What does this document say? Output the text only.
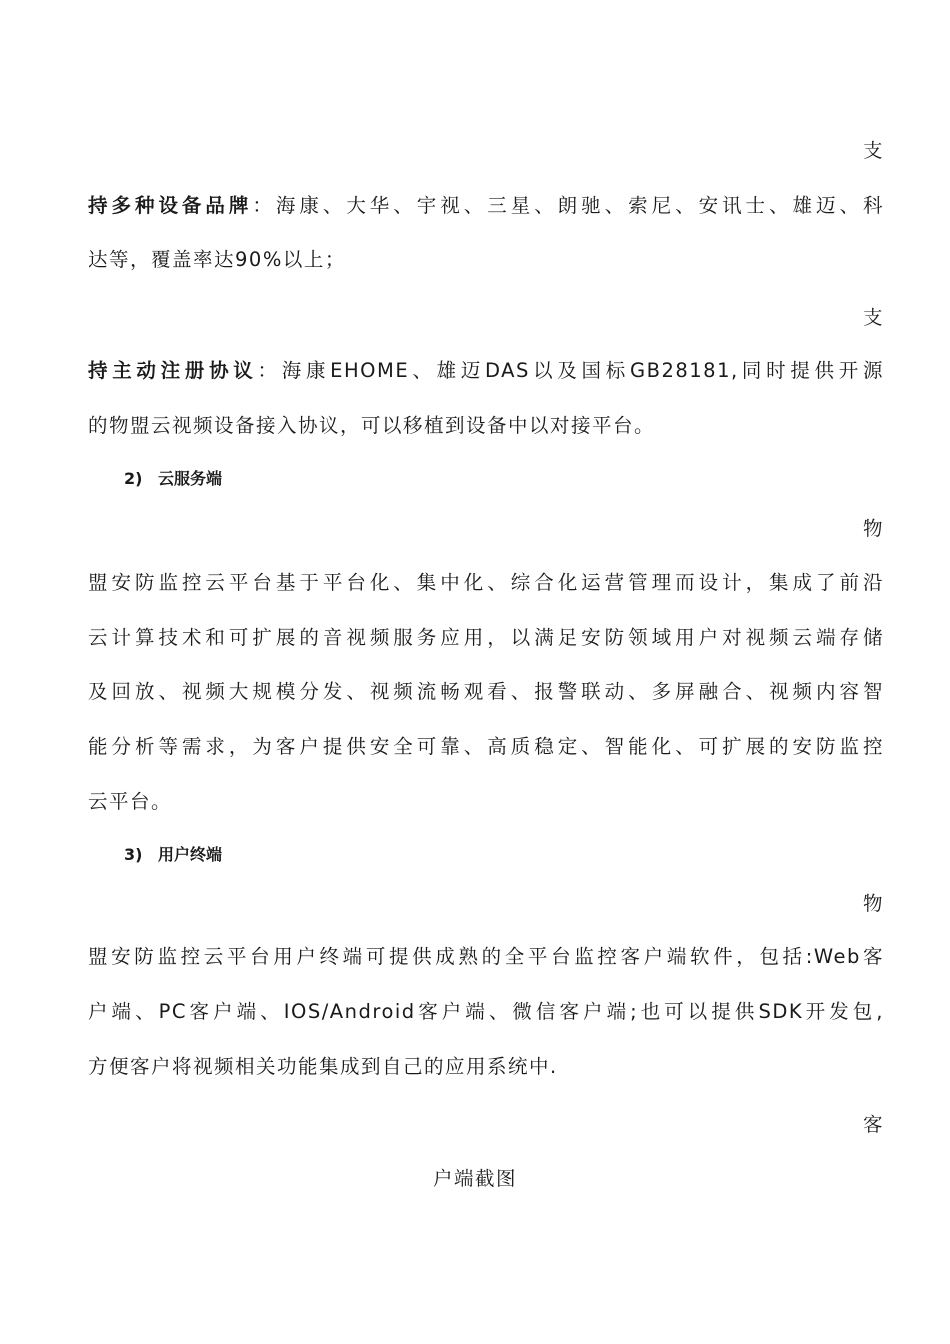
支
持多种设备品牌：海康、大华、宇视、三星、朗驰、索尼、安讯士、雄迈、科
达等，覆盖率达90%以上；
支
持主动注册协议：海康EHOME、雄迈DAS以及国标GB28181,同时提供开源
的物盟云视频设备接入协议，可以移植到设备中以对接平台。
2) 云服务端
物
盟安防监控云平台基于平台化、集中化、综合化运营管理而设计，集成了前沿
云计算技术和可扩展的音视频服务应用，以满足安防领域用户对视频云端存储
及回放、视频大规模分发、视频流畅观看、报警联动、多屏融合、视频内容智
能分析等需求，为客户提供安全可靠、高质稳定、智能化、可扩展的安防监控
云平台。
3) 用户终端
物
盟安防监控云平台用户终端可提供成熟的全平台监控客户端软件，包括:Web客
户端、PC客户端、IOS/Android客户端、微信客户端;也可以提供SDK开发包,
方便客户将视频相关功能集成到自己的应用系统中.
客
户端截图
